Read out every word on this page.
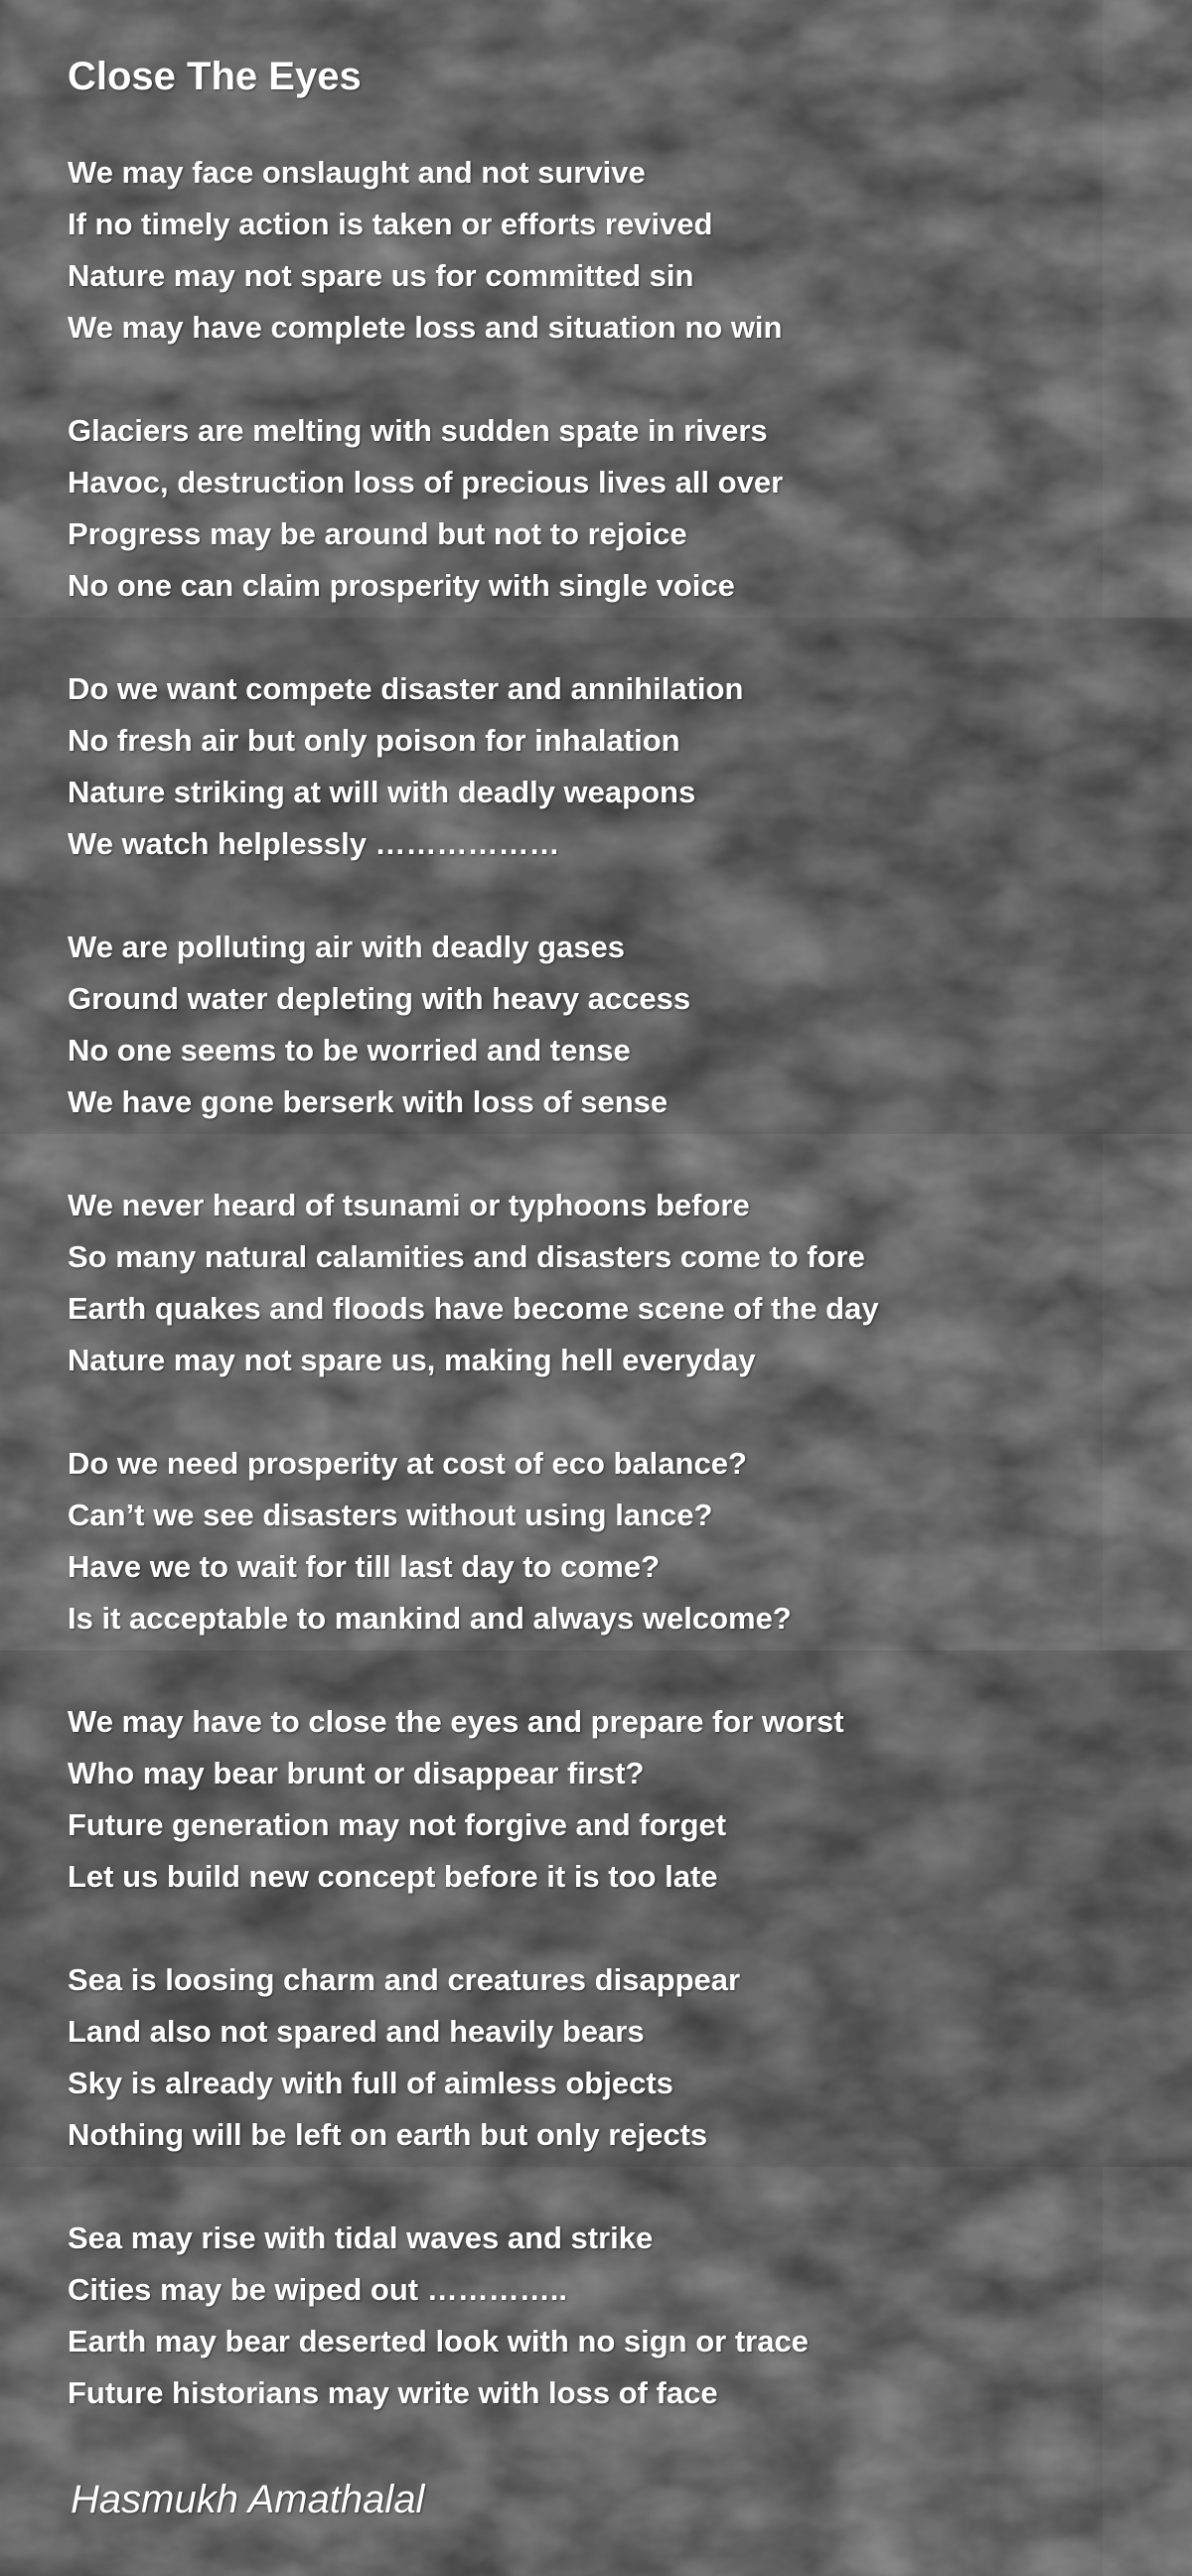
Close The Eyes
We may face onslaught and not survive
If no timely action is taken or efforts revived
Nature may not spare us for committed sin
We may have complete loss and situation no win
Glaciers are melting with sudden spate in rivers
Havoc, destruction loss of precious lives all over
Progress may be around but not to rejoice
No one can claim prosperity with single voice
Do we want compete disaster and annihilation
No fresh air but only poison for inhalation
Nature striking at will with deadly weapons
We watch helplessly ………………
We are polluting air with deadly gases
Ground water depleting with heavy access
No one seems to be worried and tense
We have gone berserk with loss of sense
We never heard of tsunami or typhoons before
So many natural calamities and disasters come to fore
Earth quakes and floods have become scene of the day
Nature may not spare us, making hell everyday
Do we need prosperity at cost of eco balance?
Can’t we see disasters without using lance?
Have we to wait for till last day to come?
Is it acceptable to mankind and always welcome?
We may have to close the eyes and prepare for worst
Who may bear brunt or disappear first?
Future generation may not forgive and forget
Let us build new concept before it is too late
Sea is loosing charm and creatures disappear
Land also not spared and heavily bears
Sky is already with full of aimless objects
Nothing will be left on earth but only rejects
Sea may rise with tidal waves and strike
Cities may be wiped out …………..
Earth may bear deserted look with no sign or trace
Future historians may write with loss of face

Hasmukh Amathalal
